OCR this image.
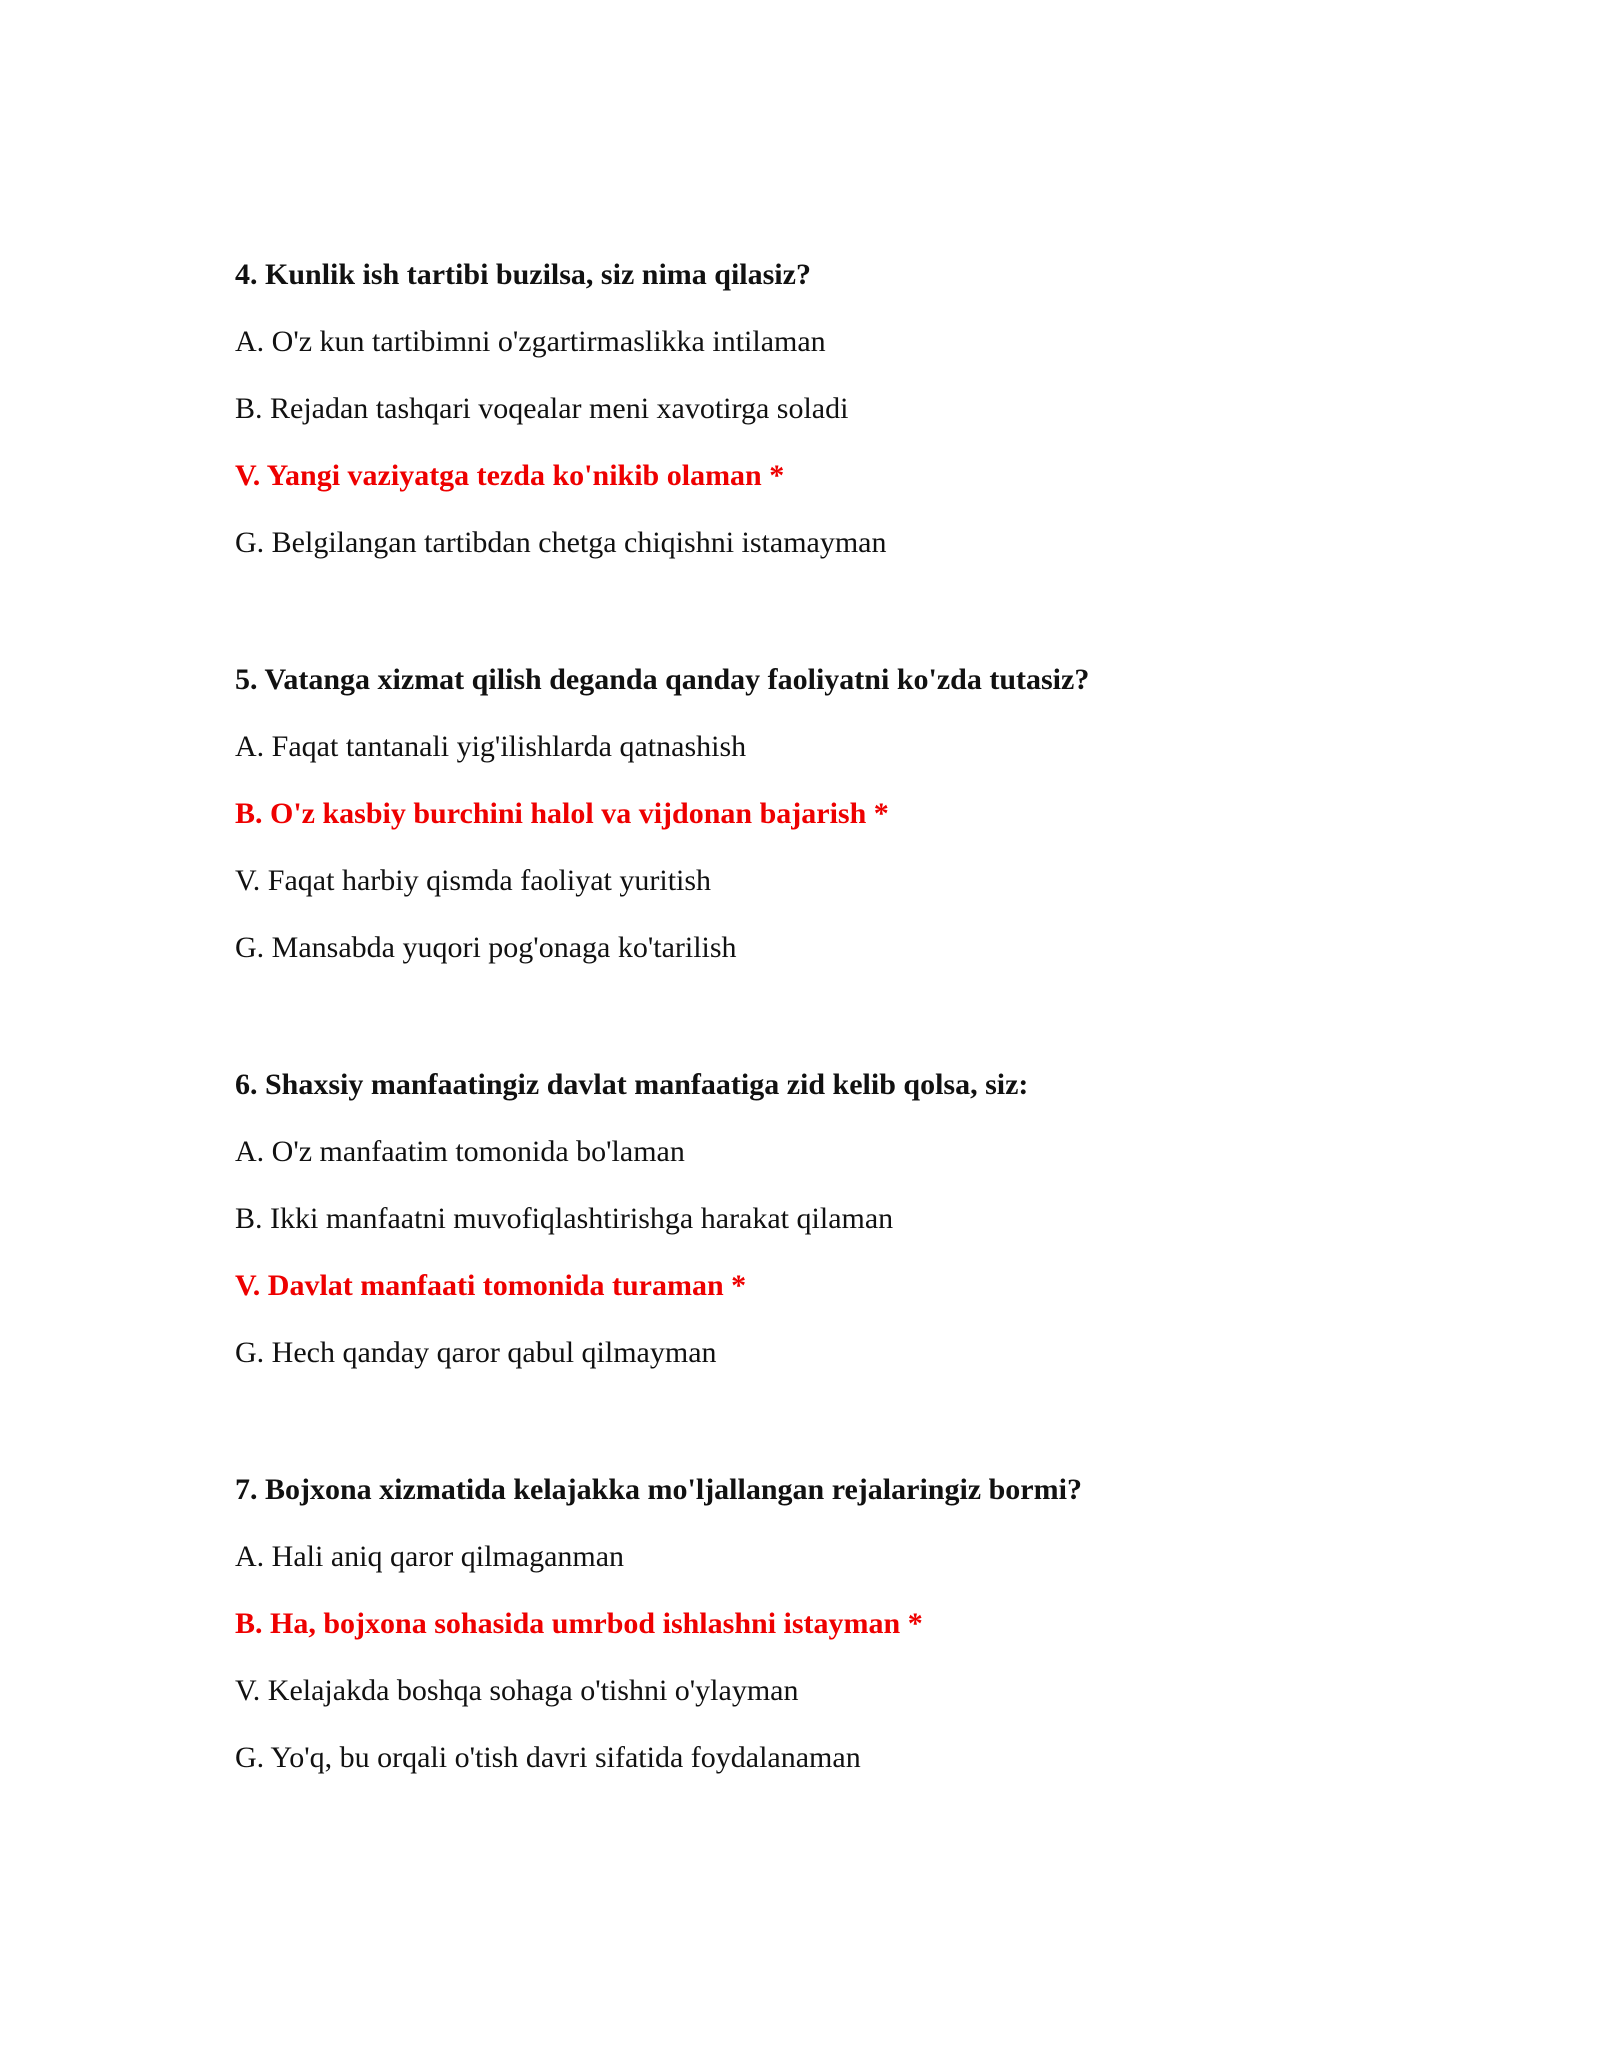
4. Kunlik ish tartibi buzilsa, siz nima qilasiz?
A. O'z kun tartibimni o'zgartirmaslikka intilaman
B. Rejadan tashqari voqealar meni xavotirga soladi
V. Yangi vaziyatga tezda ko'nikib olaman *
G. Belgilangan tartibdan chetga chiqishni istamayman
5. Vatanga xizmat qilish deganda qanday faoliyatni ko'zda tutasiz?
A. Faqat tantanali yig'ilishlarda qatnashish
B. O'z kasbiy burchini halol va vijdonan bajarish *
V. Faqat harbiy qismda faoliyat yuritish
G. Mansabda yuqori pog'onaga ko'tarilish
6. Shaxsiy manfaatingiz davlat manfaatiga zid kelib qolsa, siz:
A. O'z manfaatim tomonida bo'laman
B. Ikki manfaatni muvofiqlashtirishga harakat qilaman
V. Davlat manfaati tomonida turaman *
G. Hech qanday qaror qabul qilmayman
7. Bojxona xizmatida kelajakka mo'ljallangan rejalaringiz bormi?
A. Hali aniq qaror qilmaganman
B. Ha, bojxona sohasida umrbod ishlashni istayman *
V. Kelajakda boshqa sohaga o'tishni o'ylayman
G. Yo'q, bu orqali o'tish davri sifatida foydalanaman
